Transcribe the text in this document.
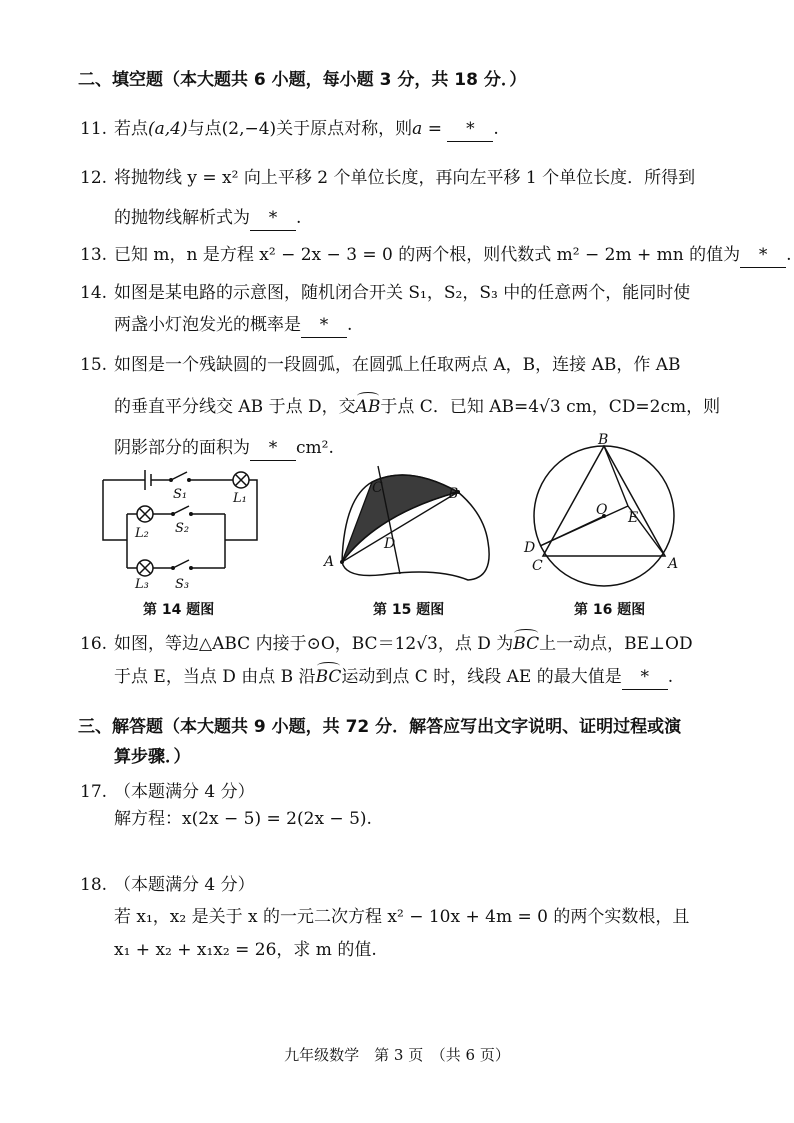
二、填空题（本大题共 6 小题，每小题 3 分，共 18 分．）
11. 若点(a,4)与点(2,−4)关于原点对称，则a = * .
12. 将抛物线 y = x² 向上平移 2 个单位长度，再向左平移 1 个单位长度．所得到
的抛物线解析式为 * .
13. 已知 m，n 是方程 x² − 2x − 3 = 0 的两个根，则代数式 m² − 2m + mn 的值为 * .
14. 如图是某电路的示意图，随机闭合开关 S₁，S₂，S₃ 中的任意两个，能同时使
两盏小灯泡发光的概率是 * .
15. 如图是一个残缺圆的一段圆弧，在圆弧上任取两点 A，B，连接 AB，作 AB
的垂直平分线交 AB 于点 D，交AB于点 C．已知 AB=4√3 cm，CD=2cm，则
阴影部分的面积为 * cm².
S₁	L₁
L₂ S₂
L₃ S₃
第 14 题图
C	B
D
A
第 15 题图
B
O E
D
C	A
第 16 题图
16. 如图，等边△ABC 内接于⊙O，BC＝12√3，点 D 为BC上一动点，BE⊥OD
于点 E，当点 D 由点 B 沿BC运动到点 C 时，线段 AE 的最大值是 * .
三、解答题（本大题共 9 小题，共 72 分．解答应写出文字说明、证明过程或演
算步骤．）
17. （本题满分 4 分）
解方程：x(2x − 5) = 2(2x − 5).
18. （本题满分 4 分）
若 x₁，x₂ 是关于 x 的一元二次方程 x² − 10x + 4m = 0 的两个实数根，且
x₁ + x₂ + x₁x₂ = 26，求 m 的值.
九年级数学　第 3 页　（共 6 页）
